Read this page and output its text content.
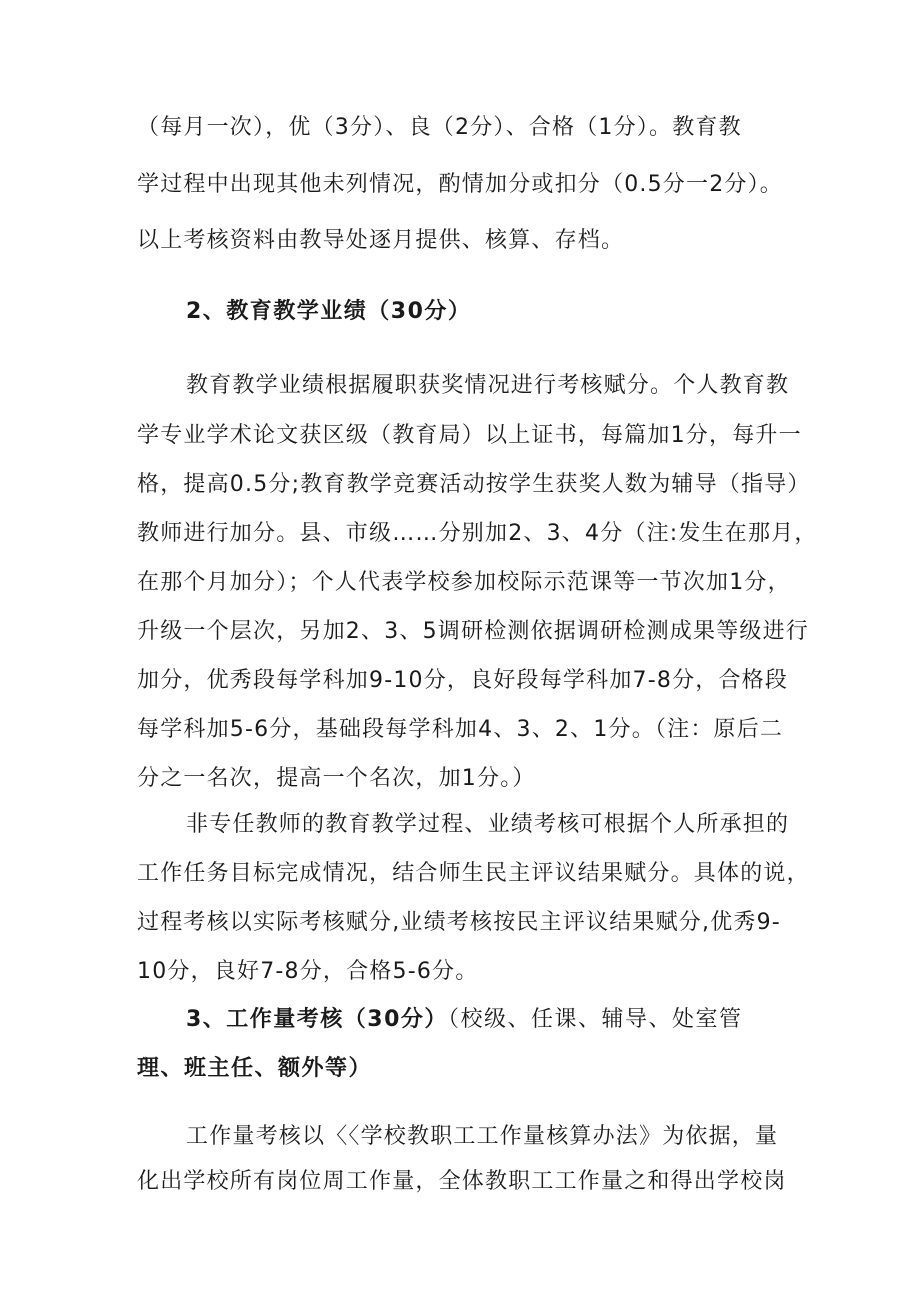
（每月一次），优（3分）、良（2分）、合格（1分）。教育教
学过程中出现其他未列情况，酌情加分或扣分（0.5分一2分）。
以上考核资料由教导处逐月提供、核算、存档。
2、教育教学业绩（30分）
教育教学业绩根据履职获奖情况进行考核赋分。个人教育教
学专业学术论文获区级（教育局）以上证书，每篇加1分，每升一
格，提高0.5分;教育教学竞赛活动按学生获奖人数为辅导（指导）
教师进行加分。县、市级……分别加2、3、4分（注:发生在那月，
在那个月加分）；个人代表学校参加校际示范课等一节次加1分，
升级一个层次，另加2、3、5调研检测依据调研检测成果等级进行
加分，优秀段每学科加9-10分，良好段每学科加7-8分，合格段
每学科加5-6分，基础段每学科加4、3、2、1分。（注：原后二
分之一名次，提高一个名次，加1分。）
非专任教师的教育教学过程、业绩考核可根据个人所承担的
工作任务目标完成情况，结合师生民主评议结果赋分。具体的说，
过程考核以实际考核赋分,业绩考核按民主评议结果赋分,优秀9-
10分，良好7-8分，合格5-6分。
3、工作量考核（30分）（校级、任课、辅导、处室管
理、班主任、额外等）
工作量考核以〈〈学校教职工工作量核算办法》为依据，量
化出学校所有岗位周工作量，全体教职工工作量之和得出学校岗
